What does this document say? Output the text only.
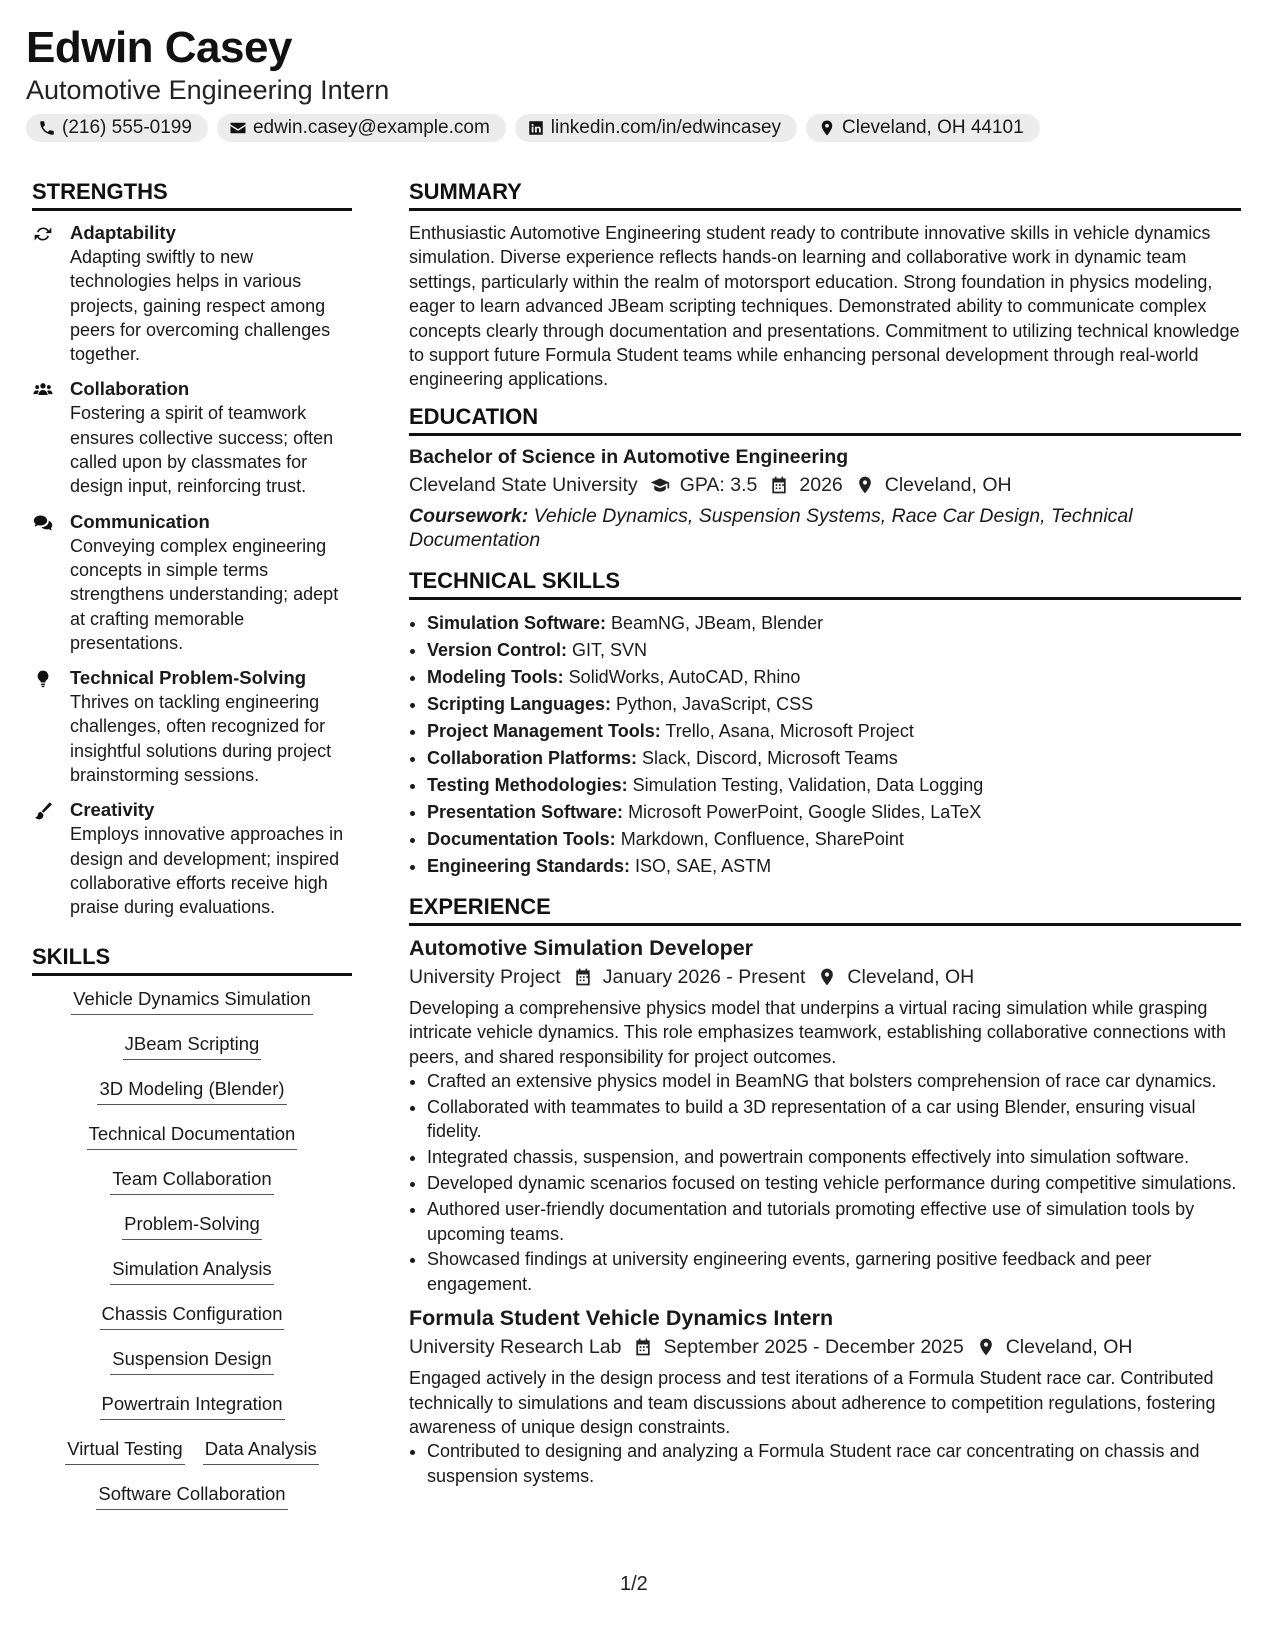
Edwin Casey
Automotive Engineering Intern
(216) 555-0199	edwin.casey@example.com	linkedin.com/in/edwincasey	Cleveland, OH 44101
STRENGTHS
Adaptability
Adapting swiftly to new technologies helps in various projects, gaining respect among peers for overcoming challenges together.
Collaboration
Fostering a spirit of teamwork ensures collective success; often called upon by classmates for design input, reinforcing trust.
Communication
Conveying complex engineering concepts in simple terms strengthens understanding; adept at crafting memorable presentations.
Technical Problem-Solving
Thrives on tackling engineering challenges, often recognized for insightful solutions during project brainstorming sessions.
Creativity
Employs innovative approaches in design and development; inspired collaborative efforts receive high praise during evaluations.
SKILLS
Vehicle Dynamics Simulation
JBeam Scripting
3D Modeling (Blender)
Technical Documentation
Team Collaboration
Problem-Solving
Simulation Analysis
Chassis Configuration
Suspension Design
Powertrain Integration
Virtual Testing Data Analysis
Software Collaboration
SUMMARY

Enthusiastic Automotive Engineering student ready to contribute innovative skills in vehicle dynamics simulation. Diverse experience reflects hands-on learning and collaborative work in dynamic team settings, particularly within the realm of motorsport education. Strong foundation in physics modeling, eager to learn advanced JBeam scripting techniques. Demonstrated ability to communicate complex concepts clearly through documentation and presentations. Commitment to utilizing technical knowledge to support future Formula Student teams while enhancing personal development through real-world engineering applications.

EDUCATION
Bachelor of Science in Automotive Engineering
Cleveland State University GPA: 3.5 2026 Cleveland, OH
Coursework: Vehicle Dynamics, Suspension Systems, Race Car Design, Technical Documentation
TECHNICAL SKILLS
• Simulation Software: BeamNG, JBeam, Blender
• Version Control: GIT, SVN
• Modeling Tools: SolidWorks, AutoCAD, Rhino
• Scripting Languages: Python, JavaScript, CSS
• Project Management Tools: Trello, Asana, Microsoft Project
• Collaboration Platforms: Slack, Discord, Microsoft Teams
• Testing Methodologies: Simulation Testing, Validation, Data Logging
• Presentation Software: Microsoft PowerPoint, Google Slides, LaTeX
• Documentation Tools: Markdown, Confluence, SharePoint
• Engineering Standards: ISO, SAE, ASTM
EXPERIENCE
Automotive Simulation Developer
University Project January 2026 - Present Cleveland, OH

Developing a comprehensive physics model that underpins a virtual racing simulation while grasping intricate vehicle dynamics. This role emphasizes teamwork, establishing collaborative connections with peers, and shared responsibility for project outcomes.

• Crafted an extensive physics model in BeamNG that bolsters comprehension of race car dynamics.
• Collaborated with teammates to build a 3D representation of a car using Blender, ensuring visual fidelity.
• Integrated chassis, suspension, and powertrain components effectively into simulation software.
• Developed dynamic scenarios focused on testing vehicle performance during competitive simulations.
• Authored user-friendly documentation and tutorials promoting effective use of simulation tools by upcoming teams.
• Showcased findings at university engineering events, garnering positive feedback and peer engagement.
Formula Student Vehicle Dynamics Intern
University Research Lab September 2025 - December 2025 Cleveland, OH

Engaged actively in the design process and test iterations of a Formula Student race car. Contributed technically to simulations and team discussions about adherence to competition regulations, fostering awareness of unique design constraints.

• Contributed to designing and analyzing a Formula Student race car concentrating on chassis and suspension systems.
1/2
